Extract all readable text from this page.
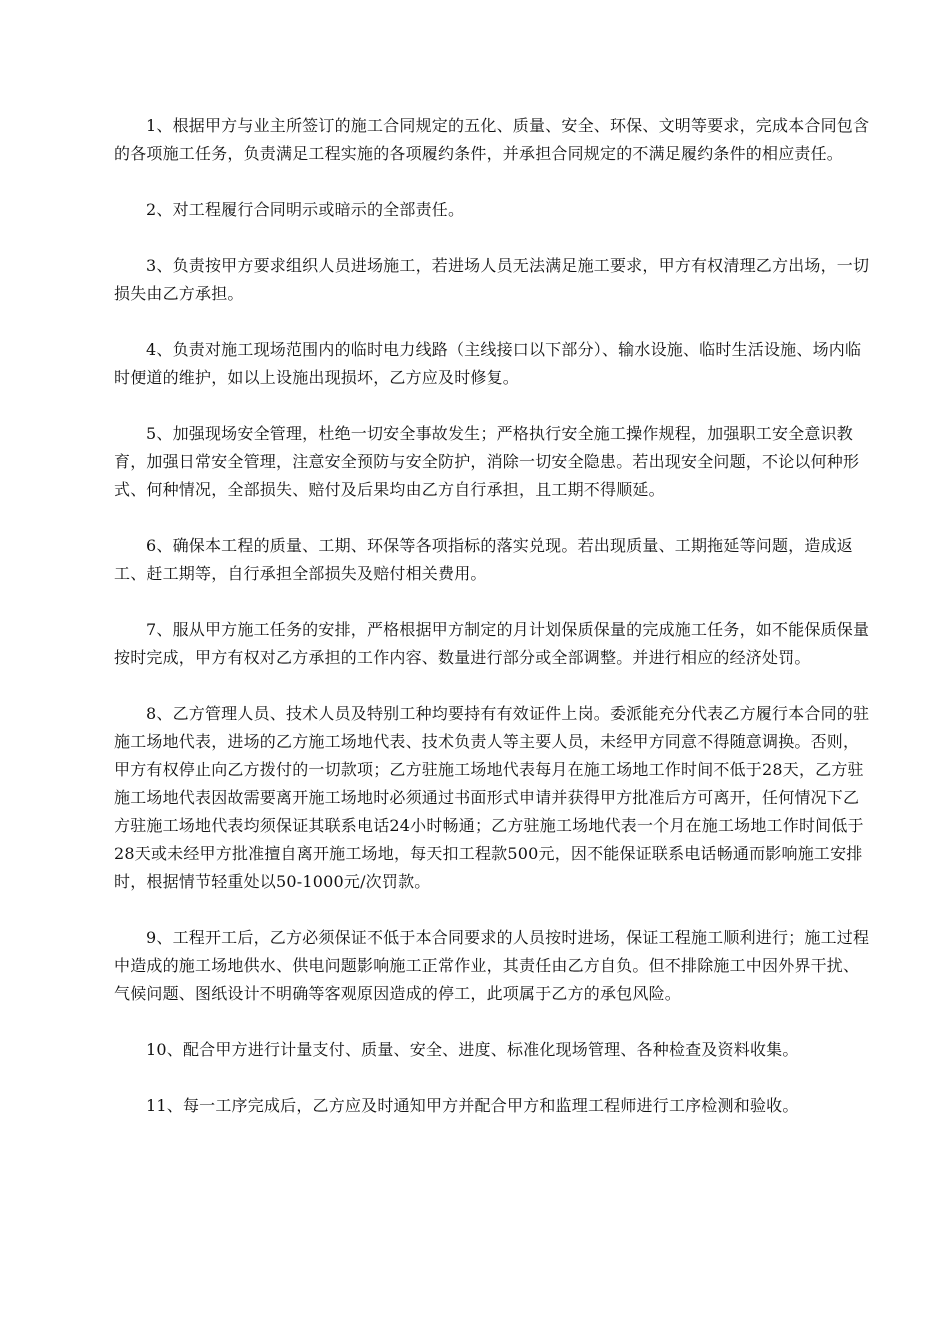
1、根据甲方与业主所签订的施工合同规定的五化、质量、安全、环保、文明等要求，完成本合同包含的各项施工任务，负责满足工程实施的各项履约条件，并承担合同规定的不满足履约条件的相应责任。

2、对工程履行合同明示或暗示的全部责任。

3、负责按甲方要求组织人员进场施工，若进场人员无法满足施工要求，甲方有权清理乙方出场，一切损失由乙方承担。

4、负责对施工现场范围内的临时电力线路（主线接口以下部分）、输水设施、临时生活设施、场内临时便道的维护，如以上设施出现损坏，乙方应及时修复。

5、加强现场安全管理，杜绝一切安全事故发生；严格执行安全施工操作规程，加强职工安全意识教育，加强日常安全管理，注意安全预防与安全防护，消除一切安全隐患。若出现安全问题，不论以何种形式、何种情况，全部损失、赔付及后果均由乙方自行承担，且工期不得顺延。

6、确保本工程的质量、工期、环保等各项指标的落实兑现。若出现质量、工期拖延等问题，造成返工、赶工期等，自行承担全部损失及赔付相关费用。

7、服从甲方施工任务的安排，严格根据甲方制定的月计划保质保量的完成施工任务，如不能保质保量按时完成，甲方有权对乙方承担的工作内容、数量进行部分或全部调整。并进行相应的经济处罚。

8、乙方管理人员、技术人员及特别工种均要持有有效证件上岗。委派能充分代表乙方履行本合同的驻施工场地代表，进场的乙方施工场地代表、技术负责人等主要人员，未经甲方同意不得随意调换。否则，甲方有权停止向乙方拨付的一切款项；乙方驻施工场地代表每月在施工场地工作时间不低于28天，乙方驻施工场地代表因故需要离开施工场地时必须通过书面形式申请并获得甲方批准后方可离开，任何情况下乙方驻施工场地代表均须保证其联系电话24小时畅通；乙方驻施工场地代表一个月在施工场地工作时间低于28天或未经甲方批准擅自离开施工场地，每天扣工程款500元，因不能保证联系电话畅通而影响施工安排时，根据情节轻重处以50-1000元/次罚款。

9、工程开工后，乙方必须保证不低于本合同要求的人员按时进场，保证工程施工顺利进行；施工过程中造成的施工场地供水、供电问题影响施工正常作业，其责任由乙方自负。但不排除施工中因外界干扰、气候问题、图纸设计不明确等客观原因造成的停工，此项属于乙方的承包风险。

10、配合甲方进行计量支付、质量、安全、进度、标准化现场管理、各种检查及资料收集。

11、每一工序完成后，乙方应及时通知甲方并配合甲方和监理工程师进行工序检测和验收。
